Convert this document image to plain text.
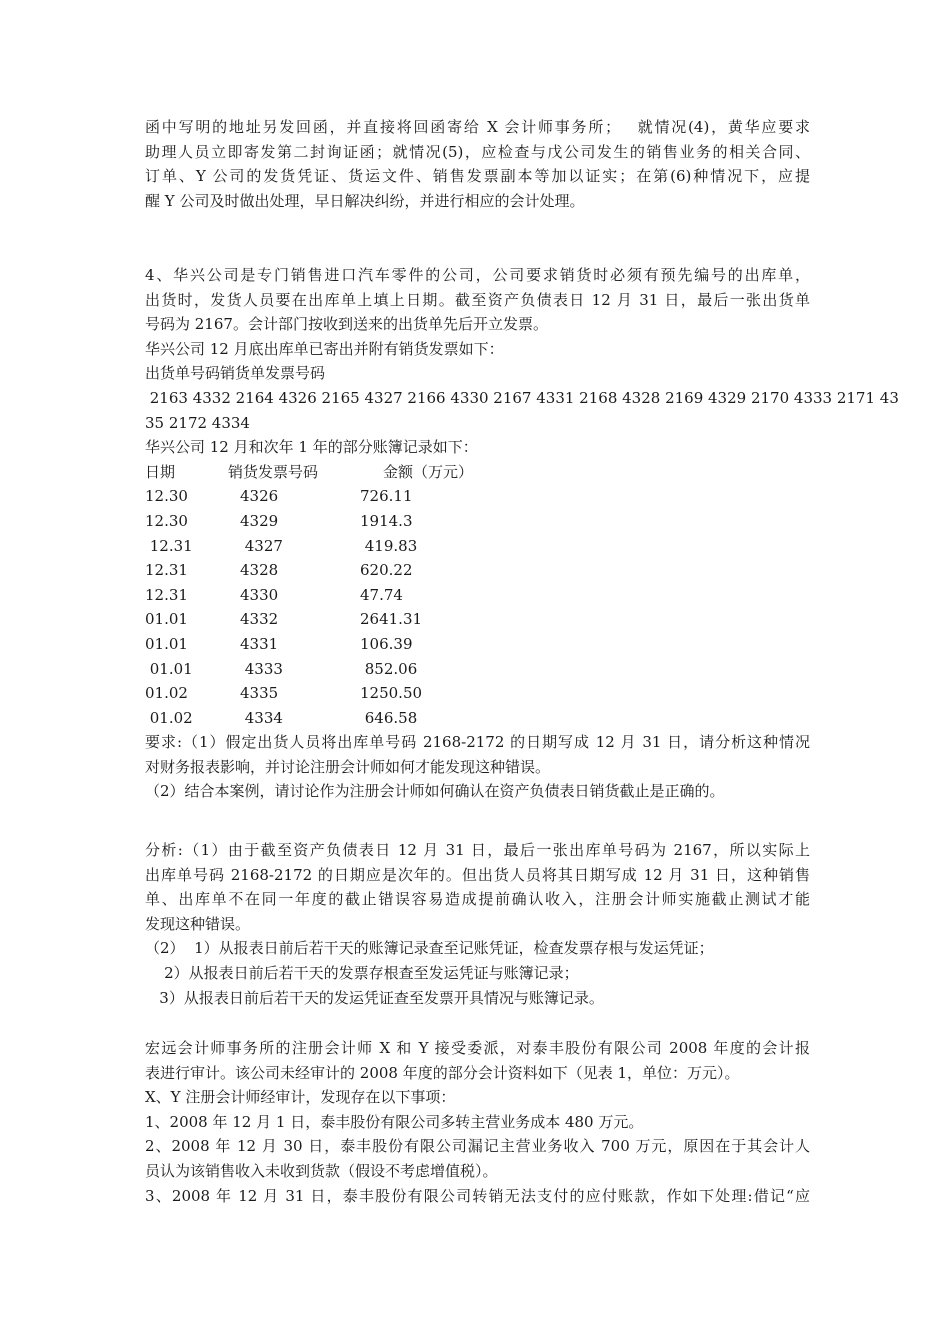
函中写明的地址另发回函，并直接将回函寄给 X 会计师事务所；　 就情况(4)，黄华应要求

助理人员立即寄发第二封询证函；就情况(5)，应检查与戊公司发生的销售业务的相关合同、

订单、Y 公司的发货凭证、货运文件、销售发票副本等加以证实；在第(6)种情况下，应提

醒 Y 公司及时做出处理，早日解决纠纷，并进行相应的会计处理。

4、华兴公司是专门销售进口汽车零件的公司，公司要求销货时必须有预先编号的出库单，

出货时，发货人员要在出库单上填上日期。截至资产负债表日 12 月 31 日，最后一张出货单

号码为 2167。会计部门按收到送来的出货单先后开立发票。

华兴公司 12 月底出库单已寄出并附有销货发票如下：

出货单号码销货单发票号码

2163 4332 2164 4326 2165 4327 2166 4330 2167 4331 2168 4328 2169 4329 2170 4333 2171 43

35 2172 4334

华兴公司 12 月和次年 1 年的部分账簿记录如下：

日期	销货发票号码	金额（万元）
12.30	4326	726.11
12.30	4329	1914.3
12.31	4327	419.83
12.31	4328	620.22
12.31	4330	47.74
01.01	4332	2641.31
01.01	4331	106.39
01.01	4333	852.06
01.02	4335	1250.50
01.02	4334	646.58

要求:（1）假定出货人员将出库单号码 2168-2172 的日期写成 12 月 31 日，请分析这种情况

对财务报表影响，并讨论注册会计师如何才能发现这种错误。

（2）结合本案例，请讨论作为注册会计师如何确认在资产负债表日销货截止是正确的。

分析:（1）由于截至资产负债表日 12 月 31 日，最后一张出库单号码为 2167，所以实际上

出库单号码 2168-2172 的日期应是次年的。但出货人员将其日期写成 12 月 31 日，这种销售

单、出库单不在同一年度的截止错误容易造成提前确认收入，注册会计师实施截止测试才能

发现这种错误。

（2）  1）从报表日前后若干天的账簿记录查至记账凭证，检查发票存根与发运凭证；

2）从报表日前后若干天的发票存根查至发运凭证与账簿记录；

3）从报表日前后若干天的发运凭证查至发票开具情况与账簿记录。

宏远会计师事务所的注册会计师 X 和 Y 接受委派，对泰丰股份有限公司 2008 年度的会计报

表进行审计。该公司未经审计的 2008 年度的部分会计资料如下（见表 1，单位：万元）。

X、Y 注册会计师经审计，发现存在以下事项：

1、2008 年 12 月 1 日，泰丰股份有限公司多转主营业务成本 480 万元。

2、2008 年 12 月 30 日，泰丰股份有限公司漏记主营业务收入 700 万元，原因在于其会计人

员认为该销售收入未收到货款（假设不考虑增值税）。

3、2008 年 12 月 31 日，泰丰股份有限公司转销无法支付的应付账款，作如下处理:借记“应
